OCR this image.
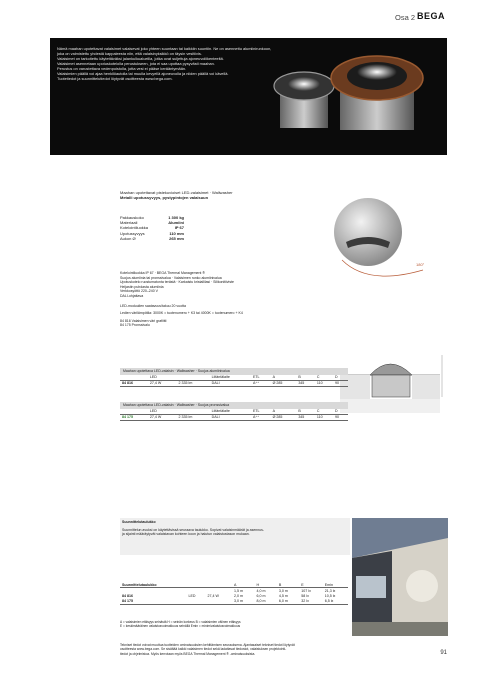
Osa 2 BEGA
Nämä maahan upotettavat valaisimet valaisevat joko yhteen suuntaan tai kaikkiin suuntiin. Ne on asennettu alumiinirunkoon,
joka on valmistettu yhdestä kappaleesta niin, että valaisinyksikkö on täysin vesitiivis.
Valaisimet on tarkoitettu käytettäväksi jalankulkualueilla, jotka ovat suljettuja ajoneuvoliikenteeltä.
Valaisimet asennetaan upotuskotelolla perustukseen, jota ei saa upottaa pysyvästi maahan.
Perustus on varustettava vedenpoistolla, jotta vesi ei pääse kerääntymään.
Valaisimien päällä voi ajaa henkilöautolla tai muulla kevyellä ajoneuvolla ja niiden päällä voi kävellä.
Tuotetiedot ja suunnittelutiedot löytyvät osoitteesta www.bega.com.
Maahan upotettavat pistekuvioiset LED-valaisimet · Wallwasher
Metalli upotussyvyys, pystypintojen valaisuun
Pakkauskoko	1 300 kg
Materiaali	Alumiini
Kotelointiluokka	IP 67
Upotussyvyys	110 mm
Aukon Ø	265 mm
180°
Kotelointiluokka IP 67 · BEGA Thermal Management ®
Suojus alumiinia tai pronssivalua · Valaisimen runko alumiinivalua
Upotuskotelo ruostumatonta terästä · Karkaistu kristallilasi · Silikonitiiviste
Heijastin puhdasta alumiinia
Verkkosyöttö 220–240 V
DALI-ohjattava
LED-moduulien saatavuus/takuu 20 vuotta
Ledien värilämpötila: 3000K = tuotenumero + K3 tai 4000K = tuotenumero + K4
84 816 Valaisimen väri grafiitti
84 175 Pronssivalu
Maahan upotettava LED-valaisin · Wallwasher · Suojus alumiinivalua
	LED		Liitäntälaite	ETL	A	B	C	D
84 816	27,4 W	2 335 lm	DALI	A⁺⁺	Ø 285	345	110	90
Maahan upotettava LED-valaisin · Wallwasher · Suojus pronssivalua
	LED		Liitäntälaite	ETL	A	B	C	D
84 175	27,4 W	2 335 lm	DALI	A⁺⁺	Ø 285	345	110	90
Suunnittelutaulukko
Suunnittelun avuksi on käytettävissä seuraava taulukko. Sopivat valaisinmäärät ja asennus-
ja sijainti määräytyvät valaistavan kohteen koon ja halutun valaistustason mukaan.
Suunnittelutaulukko			A	H	B	E	Emin
			1,5 m	4,0 m	3,0 m	107 lx	21,3 lx
84 816	LED	27,4 W	2,0 m	6,0 m	4,5 m	58 lx	10,5 lx
84 175			3,0 m	8,0 m	6,0 m	32 lx	6,5 lx
A = valaisimien etäisyys seinästä H = seinän korkeus B = valaisimien välinen etäisyys
E = keskimääräinen valaistusvoimakkuus seinällä Emin = minimivalaistusvoimakkuus
Tekniset tiedot voivat muuttua tuotteiden ominaisuuksien kehittämisen seurauksena. Ajantasaiset tekniset tiedot löytyvät
osoitteesta www.bega.com. Se sisältää kaikki valaisimen tiedot sekä ladattavat tiedostot, valaistuksen projektointi-
tiedot ja ohjelmistoa. Myös kerrotaan myös BEGA Thermal Management ® -ominaisuuksista.	91
